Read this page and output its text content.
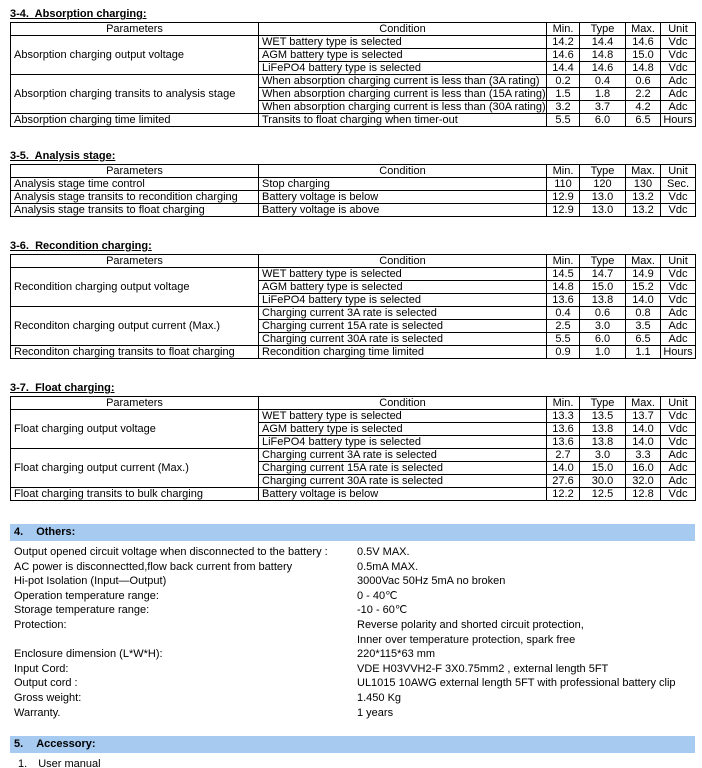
3-4.  Absorption charging:
Parameters	Condition	Min.	Type	Max.	Unit
Absorption charging output voltage	WET battery type is selected	14.2	14.4	14.6	Vdc
	AGM battery type is selected	14.6	14.8	15.0	Vdc
	LiFePO4 battery type is selected	14.4	14.6	14.8	Vdc
Absorption charging transits to analysis stage	When absorption charging current is less than (3A rating)	0.2	0.4	0.6	Adc
	When absorption charging current is less than (15A rating)	1.5	1.8	2.2	Adc
	When absorption charging current is less than (30A rating)	3.2	3.7	4.2	Adc
Absorption charging time limited	Transits to float charging when timer-out	5.5	6.0	6.5	Hours
3-5.  Analysis stage:
Parameters	Condition	Min.	Type	Max.	Unit
Analysis stage time control	Stop charging	110	120	130	Sec.
Analysis stage transits to recondition charging	Battery voltage is below	12.9	13.0	13.2	Vdc
Analysis stage transits to float charging	Battery voltage is above	12.9	13.0	13.2	Vdc
3-6.  Recondition charging:
Parameters	Condition	Min.	Type	Max.	Unit
Recondition charging output voltage	WET battery type is selected	14.5	14.7	14.9	Vdc
	AGM battery type is selected	14.8	15.0	15.2	Vdc
	LiFePO4 battery type is selected	13.6	13.8	14.0	Vdc
Reconditon charging output current (Max.)	Charging current 3A rate is selected	0.4	0.6	0.8	Adc
	Charging current 15A rate is selected	2.5	3.0	3.5	Adc
	Charging current 30A rate is selected	5.5	6.0	6.5	Adc
Reconditon charging transits to float charging	Recondition charging time limited	0.9	1.0	1.1	Hours
3-7.  Float charging:
Parameters	Condition	Min.	Type	Max.	Unit
Float charging output voltage	WET battery type is selected	13.3	13.5	13.7	Vdc
	AGM battery type is selected	13.6	13.8	14.0	Vdc
	LiFePO4 battery type is selected	13.6	13.8	14.0	Vdc
Float charging output current (Max.)	Charging current 3A rate is selected	2.7	3.0	3.3	Adc
	Charging current 15A rate is selected	14.0	15.0	16.0	Adc
	Charging current 30A rate is selected	27.6	30.0	32.0	Adc
Float charging transits to bulk charging	Battery voltage is below	12.2	12.5	12.8	Vdc
4. Others:
Output opened circuit voltage when disconnected to the battery :	0.5V MAX.
AC power is disconnectted,flow back current from battery	0.5mA MAX.
Hi-pot Isolation (Input—Output)	3000Vac 50Hz 5mA no broken
Operation temperature range:	0 - 40℃
Storage temperature range:	-10 - 60℃
Protection:	Reverse polarity and shorted circuit protection,
Inner over temperature protection, spark free
Enclosure dimension (L*W*H):	220*115*63 mm
Input Cord:	VDE H03VVH2-F 3X0.75mm2 , external length 5FT
Output cord :	UL1015 10AWG external length 5FT with professional battery clip
Gross weight:	1.450 Kg
Warranty.	1 years
5. Accessory:
1. User manual
